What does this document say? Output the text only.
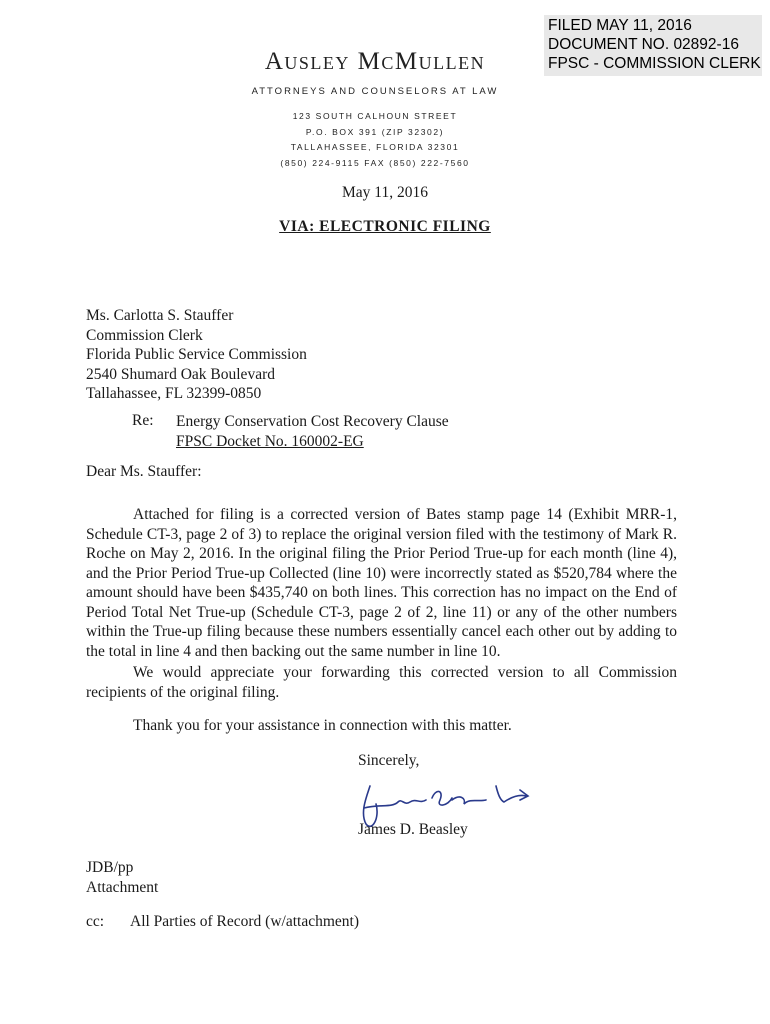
FILED MAY 11, 2016
DOCUMENT NO. 02892-16
FPSC - COMMISSION CLERK
Ausley McMullen
ATTORNEYS AND COUNSELORS AT LAW
123 SOUTH CALHOUN STREET
P.O. BOX 391 (ZIP 32302)
TALLAHASSEE, FLORIDA 32301
(850) 224-9115 FAX (850) 222-7560
May 11, 2016
VIA: ELECTRONIC FILING
Ms. Carlotta S. Stauffer
Commission Clerk
Florida Public Service Commission
2540 Shumard Oak Boulevard
Tallahassee, FL 32399-0850
Re: Energy Conservation Cost Recovery Clause
FPSC Docket No. 160002-EG
Dear Ms. Stauffer:
Attached for filing is a corrected version of Bates stamp page 14 (Exhibit MRR-1, Schedule CT-3, page 2 of 3) to replace the original version filed with the testimony of Mark R. Roche on May 2, 2016. In the original filing the Prior Period True-up for each month (line 4), and the Prior Period True-up Collected (line 10) were incorrectly stated as $520,784 where the amount should have been $435,740 on both lines. This correction has no impact on the End of Period Total Net True-up (Schedule CT-3, page 2 of 2, line 11) or any of the other numbers within the True-up filing because these numbers essentially cancel each other out by adding to the total in line 4 and then backing out the same number in line 10.
We would appreciate your forwarding this corrected version to all Commission recipients of the original filing.
Thank you for your assistance in connection with this matter.
Sincerely,
James D. Beasley
JDB/pp
Attachment
cc: All Parties of Record (w/attachment)
